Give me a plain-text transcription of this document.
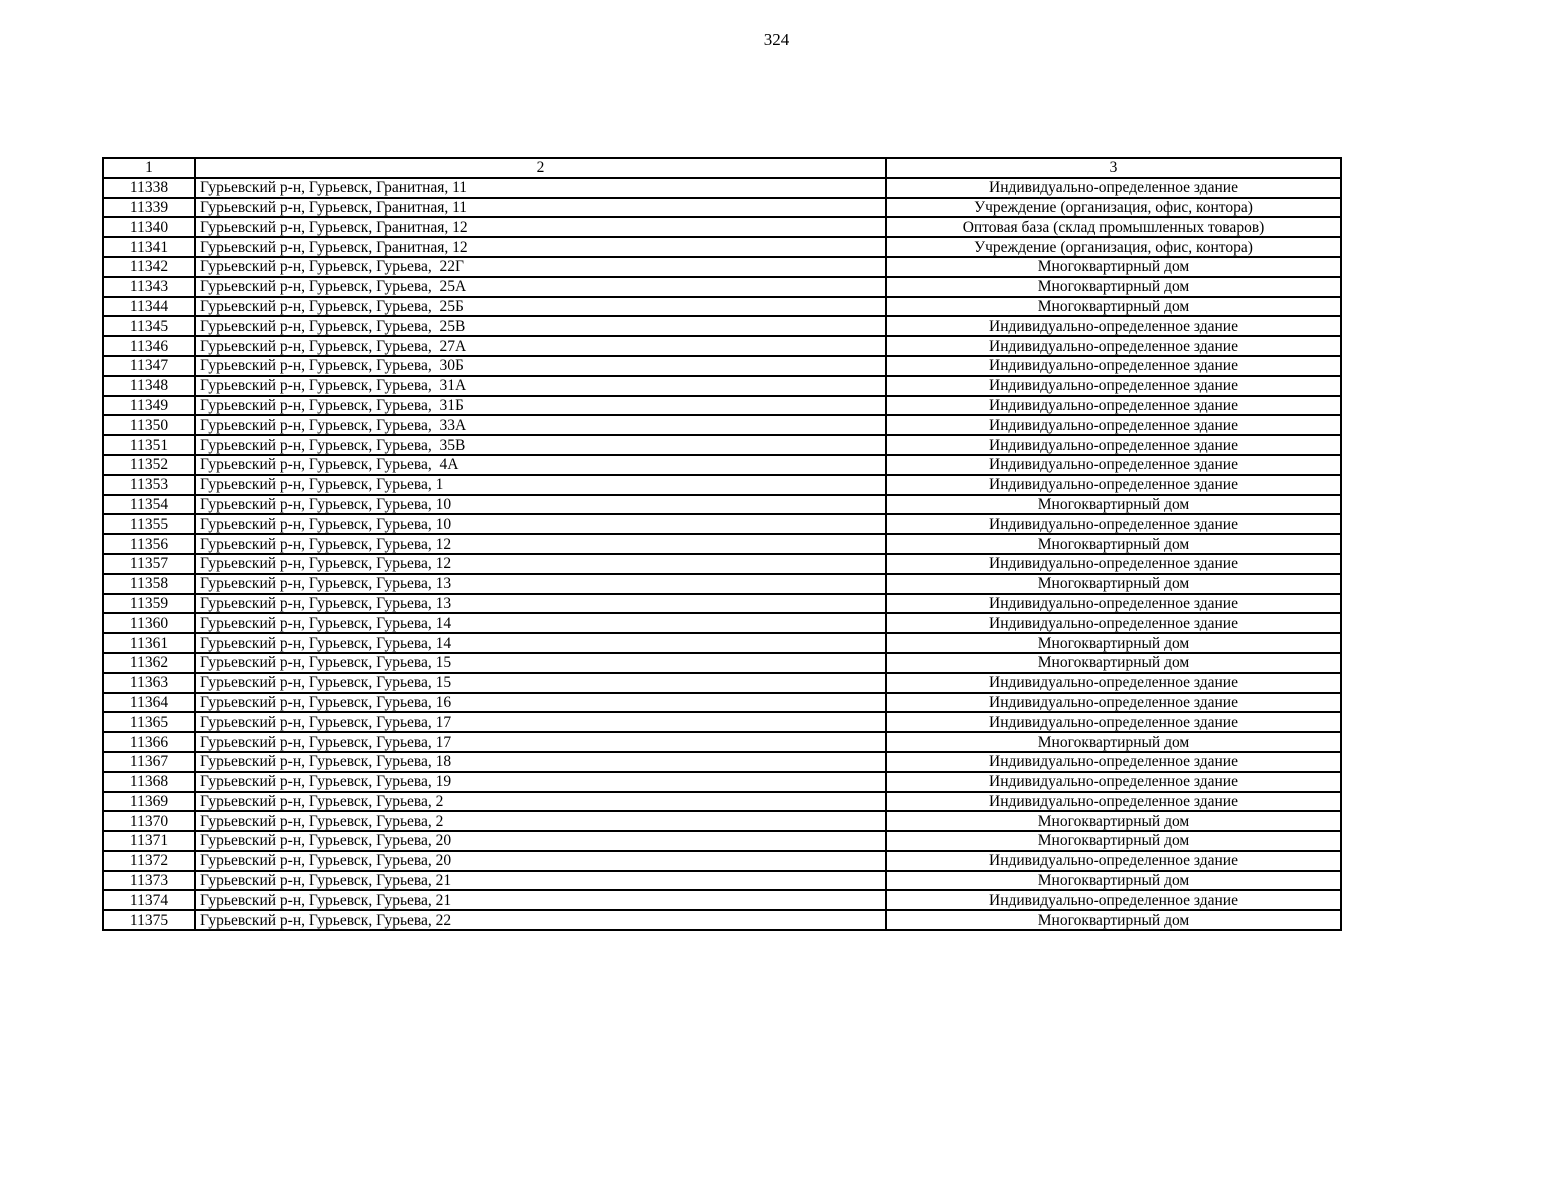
324
1	2	3
11338	Гурьевский р-н, Гурьевск, Гранитная, 11	Индивидуально-определенное здание
11339	Гурьевский р-н, Гурьевск, Гранитная, 11	Учреждение (организация, офис, контора)
11340	Гурьевский р-н, Гурьевск, Гранитная, 12	Оптовая база (склад промышленных товаров)
11341	Гурьевский р-н, Гурьевск, Гранитная, 12	Учреждение (организация, офис, контора)
11342	Гурьевский р-н, Гурьевск, Гурьева,  22Г	Многоквартирный дом
11343	Гурьевский р-н, Гурьевск, Гурьева,  25А	Многоквартирный дом
11344	Гурьевский р-н, Гурьевск, Гурьева,  25Б	Многоквартирный дом
11345	Гурьевский р-н, Гурьевск, Гурьева,  25В	Индивидуально-определенное здание
11346	Гурьевский р-н, Гурьевск, Гурьева,  27А	Индивидуально-определенное здание
11347	Гурьевский р-н, Гурьевск, Гурьева,  30Б	Индивидуально-определенное здание
11348	Гурьевский р-н, Гурьевск, Гурьева,  31А	Индивидуально-определенное здание
11349	Гурьевский р-н, Гурьевск, Гурьева,  31Б	Индивидуально-определенное здание
11350	Гурьевский р-н, Гурьевск, Гурьева,  33А	Индивидуально-определенное здание
11351	Гурьевский р-н, Гурьевск, Гурьева,  35В	Индивидуально-определенное здание
11352	Гурьевский р-н, Гурьевск, Гурьева,  4А	Индивидуально-определенное здание
11353	Гурьевский р-н, Гурьевск, Гурьева, 1	Индивидуально-определенное здание
11354	Гурьевский р-н, Гурьевск, Гурьева, 10	Многоквартирный дом
11355	Гурьевский р-н, Гурьевск, Гурьева, 10	Индивидуально-определенное здание
11356	Гурьевский р-н, Гурьевск, Гурьева, 12	Многоквартирный дом
11357	Гурьевский р-н, Гурьевск, Гурьева, 12	Индивидуально-определенное здание
11358	Гурьевский р-н, Гурьевск, Гурьева, 13	Многоквартирный дом
11359	Гурьевский р-н, Гурьевск, Гурьева, 13	Индивидуально-определенное здание
11360	Гурьевский р-н, Гурьевск, Гурьева, 14	Индивидуально-определенное здание
11361	Гурьевский р-н, Гурьевск, Гурьева, 14	Многоквартирный дом
11362	Гурьевский р-н, Гурьевск, Гурьева, 15	Многоквартирный дом
11363	Гурьевский р-н, Гурьевск, Гурьева, 15	Индивидуально-определенное здание
11364	Гурьевский р-н, Гурьевск, Гурьева, 16	Индивидуально-определенное здание
11365	Гурьевский р-н, Гурьевск, Гурьева, 17	Индивидуально-определенное здание
11366	Гурьевский р-н, Гурьевск, Гурьева, 17	Многоквартирный дом
11367	Гурьевский р-н, Гурьевск, Гурьева, 18	Индивидуально-определенное здание
11368	Гурьевский р-н, Гурьевск, Гурьева, 19	Индивидуально-определенное здание
11369	Гурьевский р-н, Гурьевск, Гурьева, 2	Индивидуально-определенное здание
11370	Гурьевский р-н, Гурьевск, Гурьева, 2	Многоквартирный дом
11371	Гурьевский р-н, Гурьевск, Гурьева, 20	Многоквартирный дом
11372	Гурьевский р-н, Гурьевск, Гурьева, 20	Индивидуально-определенное здание
11373	Гурьевский р-н, Гурьевск, Гурьева, 21	Многоквартирный дом
11374	Гурьевский р-н, Гурьевск, Гурьева, 21	Индивидуально-определенное здание
11375	Гурьевский р-н, Гурьевск, Гурьева, 22	Многоквартирный дом
